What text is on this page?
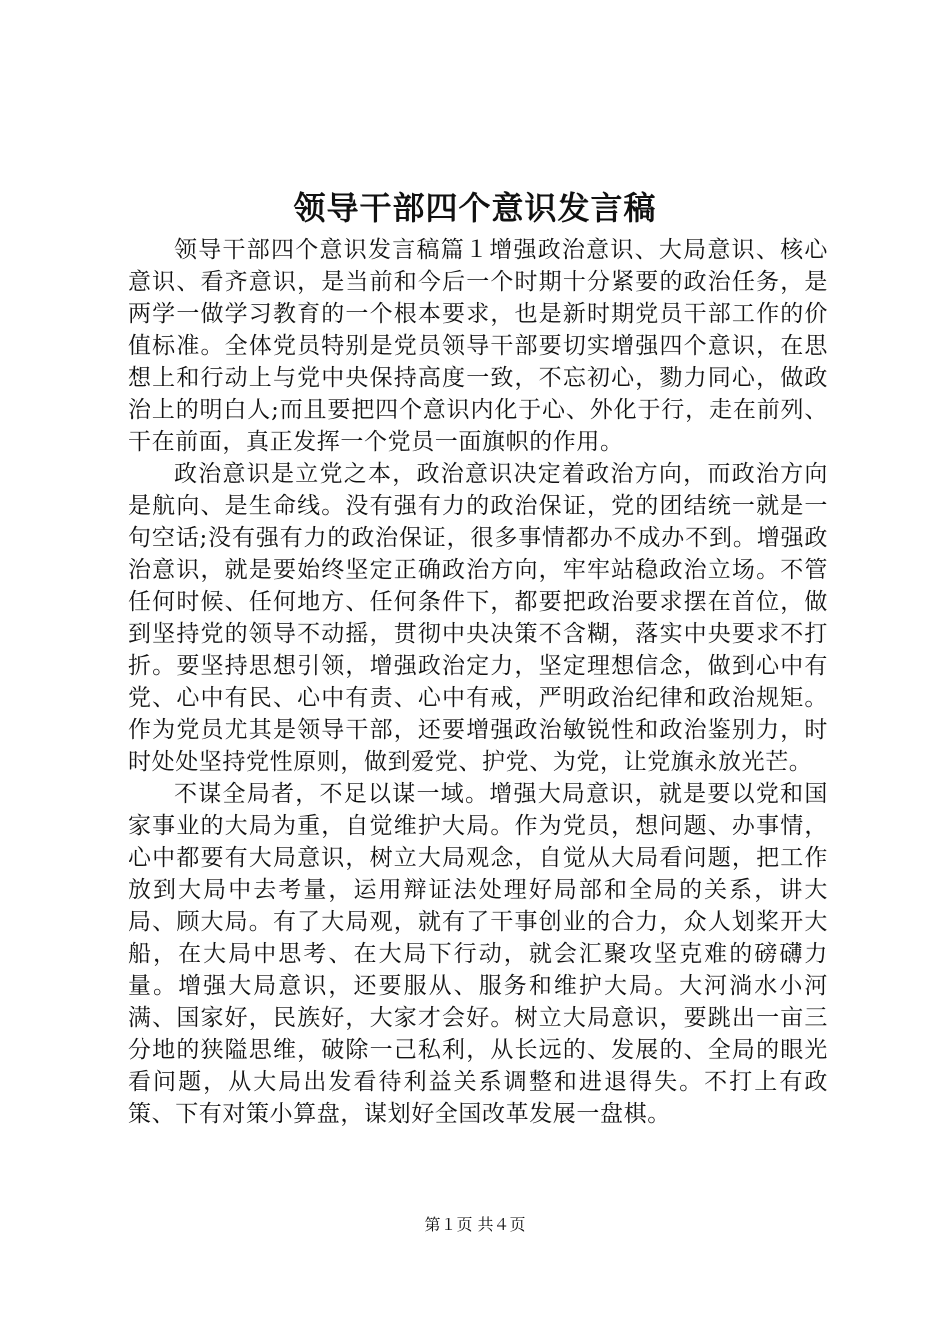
领导干部四个意识发言稿

领导干部四个意识发言稿篇１增强政治意识、大局意识、核心意识、看齐意识，是当前和今后一个时期十分紧要的政治任务，是两学一做学习教育的一个根本要求，也是新时期党员干部工作的价值标准。全体党员特别是党员领导干部要切实增强四个意识，在思想上和行动上与党中央保持高度一致，不忘初心，勠力同心，做政治上的明白人;而且要把四个意识内化于心、外化于行，走在前列、干在前面，真正发挥一个党员一面旗帜的作用。

政治意识是立党之本，政治意识决定着政治方向，而政治方向是航向、是生命线。没有强有力的政治保证，党的团结统一就是一句空话;没有强有力的政治保证，很多事情都办不成办不到。增强政治意识，就是要始终坚定正确政治方向，牢牢站稳政治立场。不管任何时候、任何地方、任何条件下，都要把政治要求摆在首位，做到坚持党的领导不动摇，贯彻中央决策不含糊，落实中央要求不打折。要坚持思想引领，增强政治定力，坚定理想信念，做到心中有党、心中有民、心中有责、心中有戒，严明政治纪律和政治规矩。作为党员尤其是领导干部，还要增强政治敏锐性和政治鉴别力，时时处处坚持党性原则，做到爱党、护党、为党，让党旗永放光芒。

不谋全局者，不足以谋一域。增强大局意识，就是要以党和国家事业的大局为重，自觉维护大局。作为党员，想问题、办事情，心中都要有大局意识，树立大局观念，自觉从大局看问题，把工作放到大局中去考量，运用辩证法处理好局部和全局的关系，讲大局、顾大局。有了大局观，就有了干事创业的合力，众人划桨开大船，在大局中思考、在大局下行动，就会汇聚攻坚克难的磅礴力量。增强大局意识，还要服从、服务和维护大局。大河淌水小河满、国家好，民族好，大家才会好。树立大局意识，要跳出一亩三分地的狭隘思维，破除一己私利，从长远的、发展的、全局的眼光看问题，从大局出发看待利益关系调整和进退得失。不打上有政策、下有对策小算盘，谋划好全国改革发展一盘棋。

第１页 共４页
